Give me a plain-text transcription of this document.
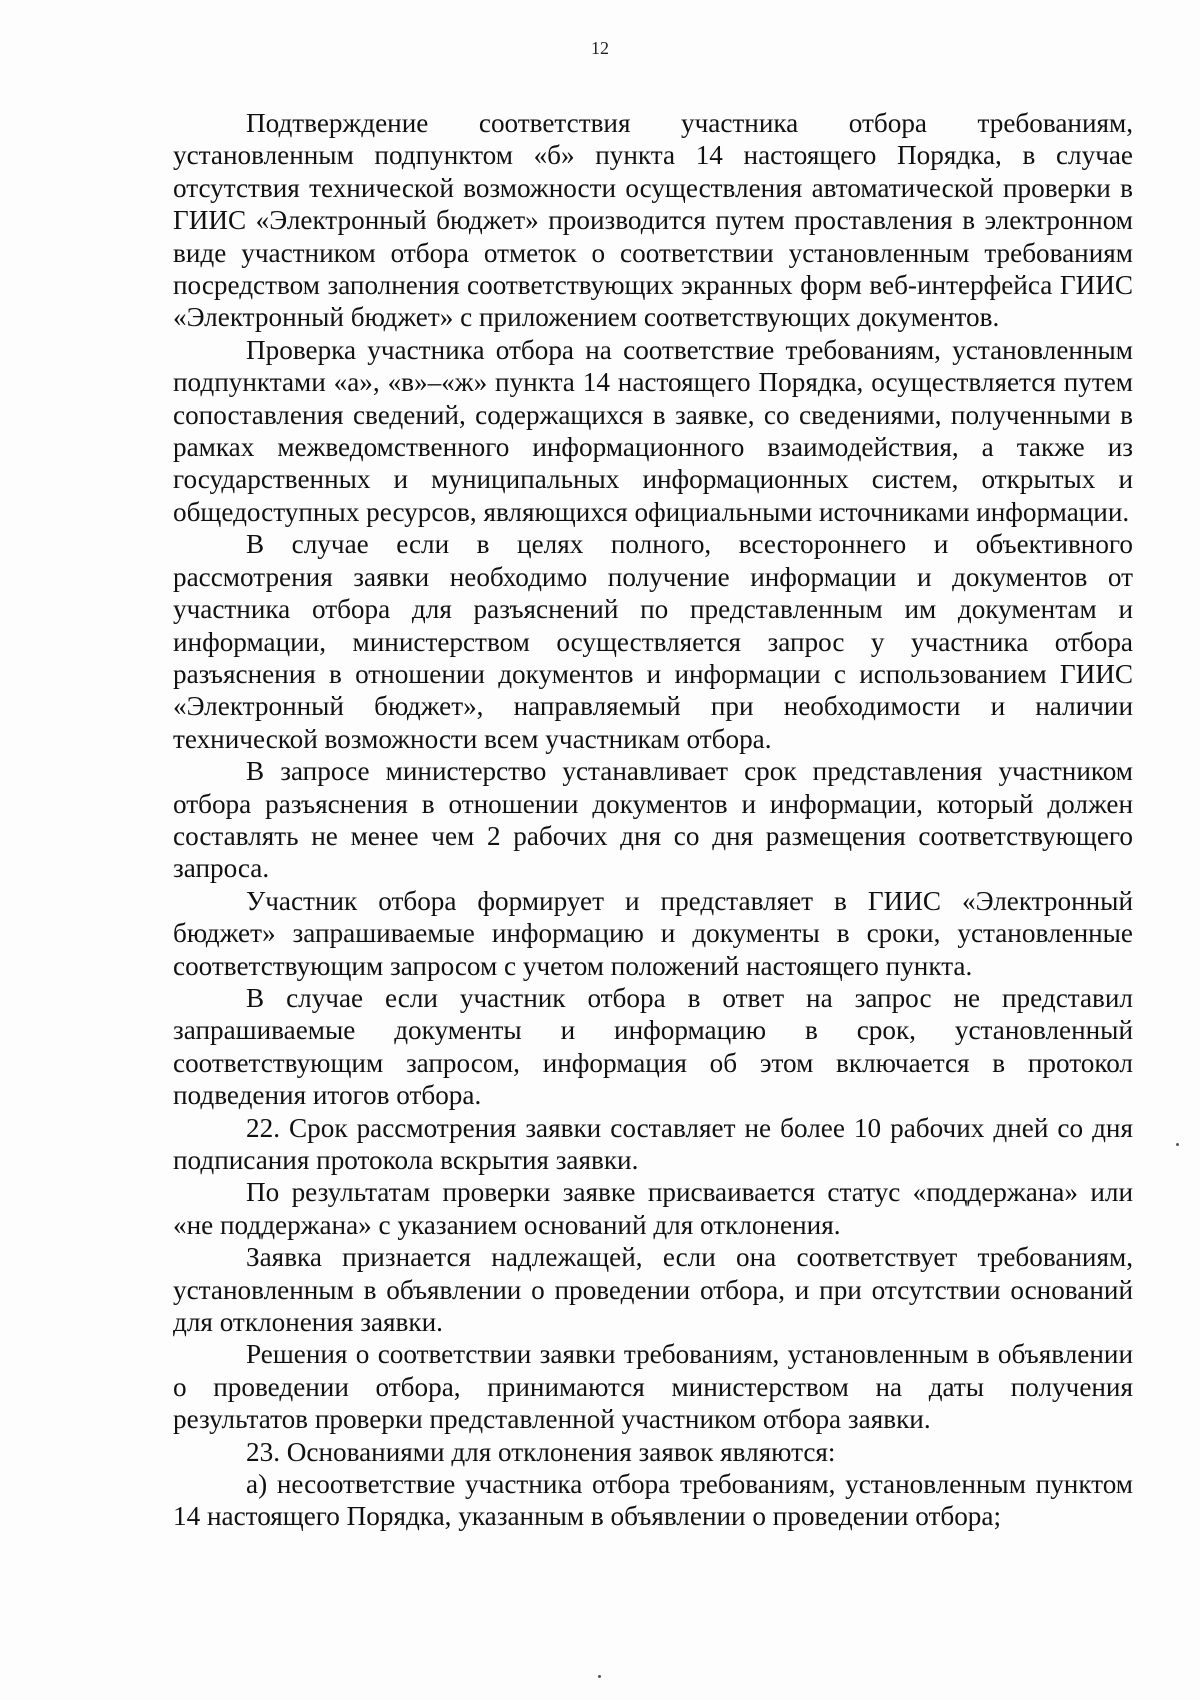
12

Подтверждение соответствия участника отбора требованиям, установленным подпунктом «б» пункта 14 настоящего Порядка, в случае отсутствия технической возможности осуществления автоматической проверки в ГИИС «Электронный бюджет» производится путем проставления в электронном виде участником отбора отметок о соответствии установленным требованиям посредством заполнения соответствующих экранных форм веб-интерфейса ГИИС «Электронный бюджет» с приложением соответствующих документов.

Проверка участника отбора на соответствие требованиям, установленным подпунктами «а», «в»–«ж» пункта 14 настоящего Порядка, осуществляется путем сопоставления сведений, содержащихся в заявке, со сведениями, полученными в рамках межведомственного информационного взаимодействия, а также из государственных и муниципальных информационных систем, открытых и общедоступных ресурсов, являющихся официальными источниками информации.

В случае если в целях полного, всестороннего и объективного рассмотрения заявки необходимо получение информации и документов от участника отбора для разъяснений по представленным им документам и информации, министерством осуществляется запрос у участника отбора разъяснения в отношении документов и информации с использованием ГИИС «Электронный бюджет», направляемый при необходимости и наличии технической возможности всем участникам отбора.

В запросе министерство устанавливает срок представления участником отбора разъяснения в отношении документов и информации, который должен составлять не менее чем 2 рабочих дня со дня размещения соответствующего запроса.

Участник отбора формирует и представляет в ГИИС «Электронный бюджет» запрашиваемые информацию и документы в сроки, установленные соответствующим запросом с учетом положений настоящего пункта.

В случае если участник отбора в ответ на запрос не представил запрашиваемые документы и информацию в срок, установленный соответствующим запросом, информация об этом включается в протокол подведения итогов отбора.

22. Срок рассмотрения заявки составляет не более 10 рабочих дней со дня подписания протокола вскрытия заявки.

По результатам проверки заявке присваивается статус «поддержана» или «не поддержана» с указанием оснований для отклонения.

Заявка признается надлежащей, если она соответствует требованиям, установленным в объявлении о проведении отбора, и при отсутствии оснований для отклонения заявки.

Решения о соответствии заявки требованиям, установленным в объявлении о проведении отбора, принимаются министерством на даты получения результатов проверки представленной участником отбора заявки.

23. Основаниями для отклонения заявок являются:

а) несоответствие участника отбора требованиям, установленным пунктом 14 настоящего Порядка, указанным в объявлении о проведении отбора;
